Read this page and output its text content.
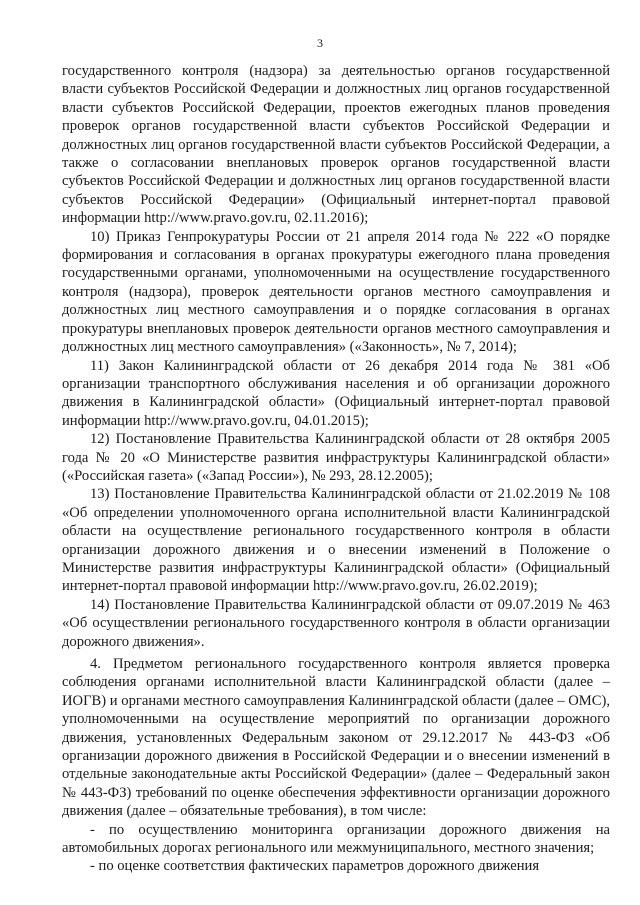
3

государственного контроля (надзора) за деятельностью органов государственной власти субъектов Российской Федерации и должностных лиц органов государственной власти субъектов Российской Федерации, проектов ежегодных планов проведения проверок органов государственной власти субъектов Российской Федерации и должностных лиц органов государственной власти субъектов Российской Федерации, а также о согласовании внеплановых проверок органов государственной власти субъектов Российской Федерации и должностных лиц органов государственной власти субъектов Российской Федерации» (Официальный интернет-портал правовой информации http://www.pravo.gov.ru, 02.11.2016);

10) Приказ Генпрокуратуры России от 21 апреля 2014 года № 222 «О порядке формирования и согласования в органах прокуратуры ежегодного плана проведения государственными органами, уполномоченными на осуществление государственного контроля (надзора), проверок деятельности органов местного самоуправления и должностных лиц местного самоуправления и о порядке согласования в органах прокуратуры внеплановых проверок деятельности органов местного самоуправления и должностных лиц местного самоуправления» («Законность», № 7, 2014);

11) Закон Калининградской области от 26 декабря 2014 года № 381 «Об организации транспортного обслуживания населения и об организации дорожного движения в Калининградской области» (Официальный интернет-портал правовой информации http://www.pravo.gov.ru, 04.01.2015);

12) Постановление Правительства Калининградской области от 28 октября 2005 года № 20 «О Министерстве развития инфраструктуры Калининградской области» («Российская газета» («Запад России»), № 293, 28.12.2005);

13) Постановление Правительства Калининградской области от 21.02.2019 № 108 «Об определении уполномоченного органа исполнительной власти Калининградской области на осуществление регионального государственного контроля в области организации дорожного движения и о внесении изменений в Положение о Министерстве развития инфраструктуры Калининградской области» (Официальный интернет-портал правовой информации http://www.pravo.gov.ru, 26.02.2019);

14) Постановление Правительства Калининградской области от 09.07.2019 № 463 «Об осуществлении регионального государственного контроля в области организации дорожного движения».

4. Предметом регионального государственного контроля является проверка соблюдения органами исполнительной власти Калининградской области (далее – ИОГВ) и органами местного самоуправления Калининградской области (далее – ОМС), уполномоченными на осуществление мероприятий по организации дорожного движения, установленных Федеральным законом от 29.12.2017 № 443-ФЗ «Об организации дорожного движения в Российской Федерации и о внесении изменений в отдельные законодательные акты Российской Федерации» (далее – Федеральный закон № 443-ФЗ) требований по оценке обеспечения эффективности организации дорожного движения (далее – обязательные требования), в том числе:

- по осуществлению мониторинга организации дорожного движения на автомобильных дорогах регионального или межмуниципального, местного значения;

- по оценке соответствия фактических параметров дорожного движения
